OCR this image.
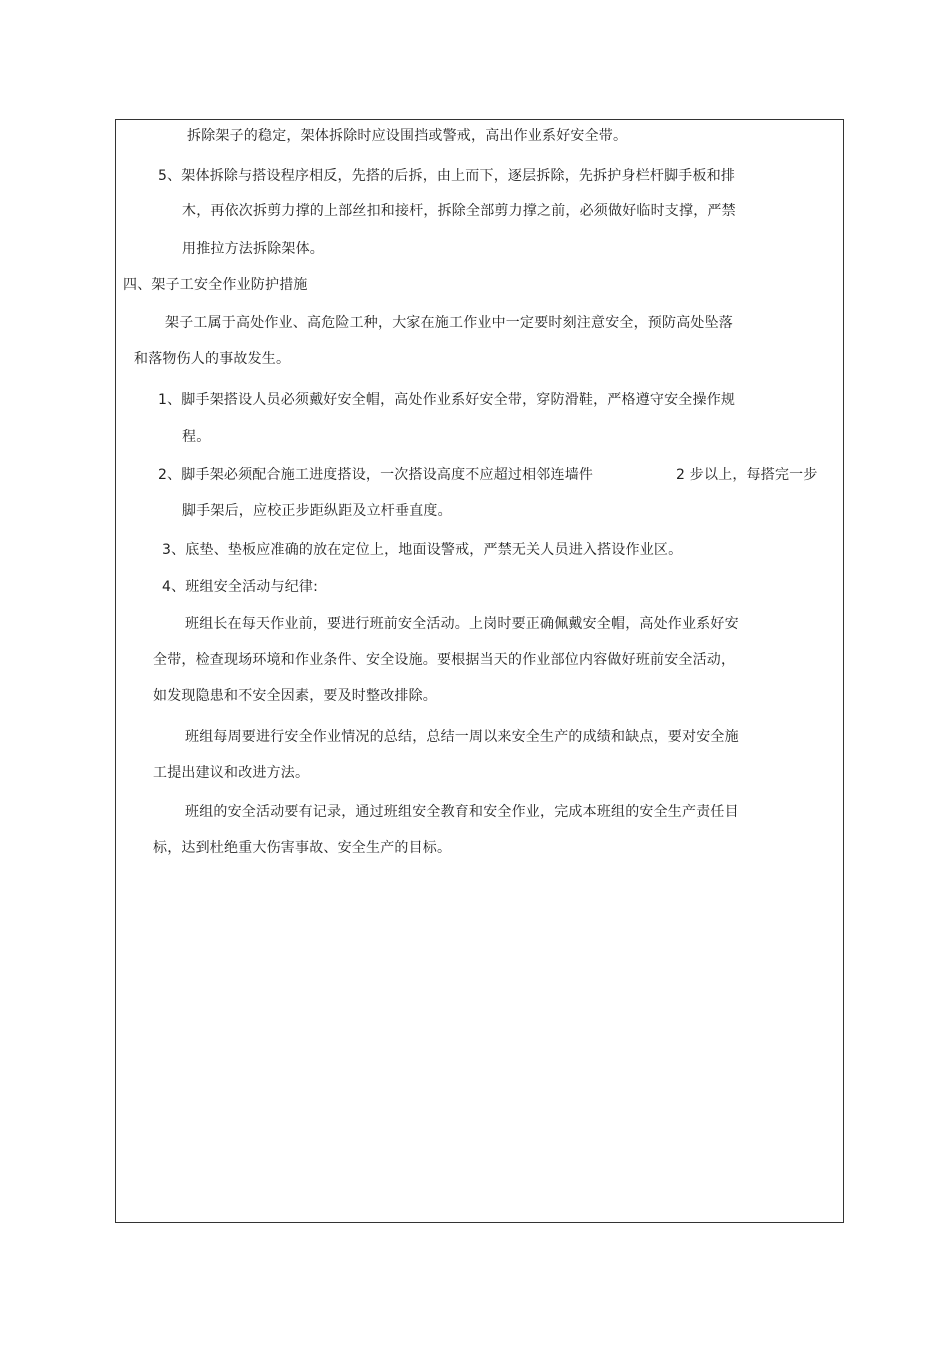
拆除架子的稳定，架体拆除时应设围挡或警戒，高出作业系好安全带。
5、架体拆除与搭设程序相反，先搭的后拆，由上而下，逐层拆除，先拆护身栏杆脚手板和排
木，再依次拆剪力撑的上部丝扣和接杆，拆除全部剪力撑之前，必须做好临时支撑，严禁
用推拉方法拆除架体。
四、架子工安全作业防护措施
架子工属于高处作业、高危险工种，大家在施工作业中一定要时刻注意安全，预防高处坠落
和落物伤人的事故发生。
1、脚手架搭设人员必须戴好安全帽，高处作业系好安全带，穿防滑鞋，严格遵守安全操作规
程。
2、脚手架必须配合施工进度搭设，一次搭设高度不应超过相邻连墙件	2 步以上，每搭完一步
脚手架后，应校正步距纵距及立杆垂直度。
3、底垫、垫板应准确的放在定位上，地面设警戒，严禁无关人员进入搭设作业区。
4、班组安全活动与纪律:
班组长在每天作业前，要进行班前安全活动。上岗时要正确佩戴安全帽，高处作业系好安
全带，检查现场环境和作业条件、安全设施。要根据当天的作业部位内容做好班前安全活动，
如发现隐患和不安全因素，要及时整改排除。
班组每周要进行安全作业情况的总结，总结一周以来安全生产的成绩和缺点，要对安全施
工提出建议和改进方法。
班组的安全活动要有记录，通过班组安全教育和安全作业，完成本班组的安全生产责任目
标，达到杜绝重大伤害事故、安全生产的目标。
